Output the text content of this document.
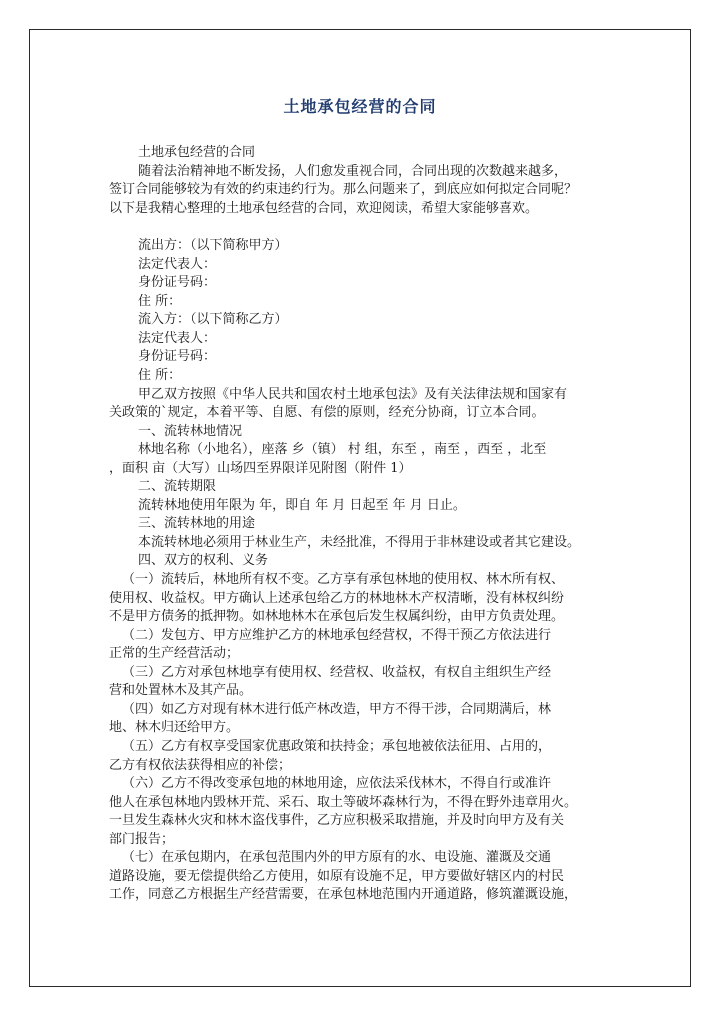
土地承包经营的合同

土地承包经营的合同

随着法治精神地不断发扬，人们愈发重视合同，合同出现的次数越来越多，

签订合同能够较为有效的约束违约行为。那么问题来了，到底应如何拟定合同呢？

以下是我精心整理的土地承包经营的合同，欢迎阅读，希望大家能够喜欢。

流出方：（以下简称甲方）

法定代表人：

身份证号码：

住 所：

流入方：（以下简称乙方）

法定代表人：

身份证号码：

住 所：

甲乙双方按照《中华人民共和国农村土地承包法》及有关法律法规和国家有

关政策的`规定，本着平等、自愿、有偿的原则，经充分协商，订立本合同。

一、流转林地情况

林地名称（小地名），座落 乡（镇） 村 组，东至 ，南至 ，西至 ，北至

，面积 亩（大写）山场四至界限详见附图（附件 1）

二、流转期限

流转林地使用年限为 年，即自 年 月 日起至 年 月 日止。

三、流转林地的用途

本流转林地必须用于林业生产，未经批准，不得用于非林建设或者其它建设。

四、双方的权利、义务

（一）流转后，林地所有权不变。乙方享有承包林地的使用权、林木所有权、

使用权、收益权。甲方确认上述承包给乙方的林地林木产权清晰，没有林权纠纷

不是甲方债务的抵押物。如林地林木在承包后发生权属纠纷，由甲方负责处理。

（二）发包方、甲方应维护乙方的林地承包经营权，不得干预乙方依法进行

正常的生产经营活动；

（三）乙方对承包林地享有使用权、经营权、收益权，有权自主组织生产经

营和处置林木及其产品。

（四）如乙方对现有林木进行低产林改造，甲方不得干涉，合同期满后，林

地、林木归还给甲方。

（五）乙方有权享受国家优惠政策和扶持金；承包地被依法征用、占用的，

乙方有权依法获得相应的补偿；

（六）乙方不得改变承包地的林地用途，应依法采伐林木，不得自行或准许

他人在承包林地内毁林开荒、采石、取土等破坏森林行为，不得在野外违章用火。

一旦发生森林火灾和林木盗伐事件，乙方应积极采取措施，并及时向甲方及有关

部门报告；

（七）在承包期内，在承包范围内外的甲方原有的水、电设施、灌溉及交通

道路设施，要无偿提供给乙方使用，如原有设施不足，甲方要做好辖区内的村民

工作，同意乙方根据生产经营需要，在承包林地范围内开通道路，修筑灌溉设施，
